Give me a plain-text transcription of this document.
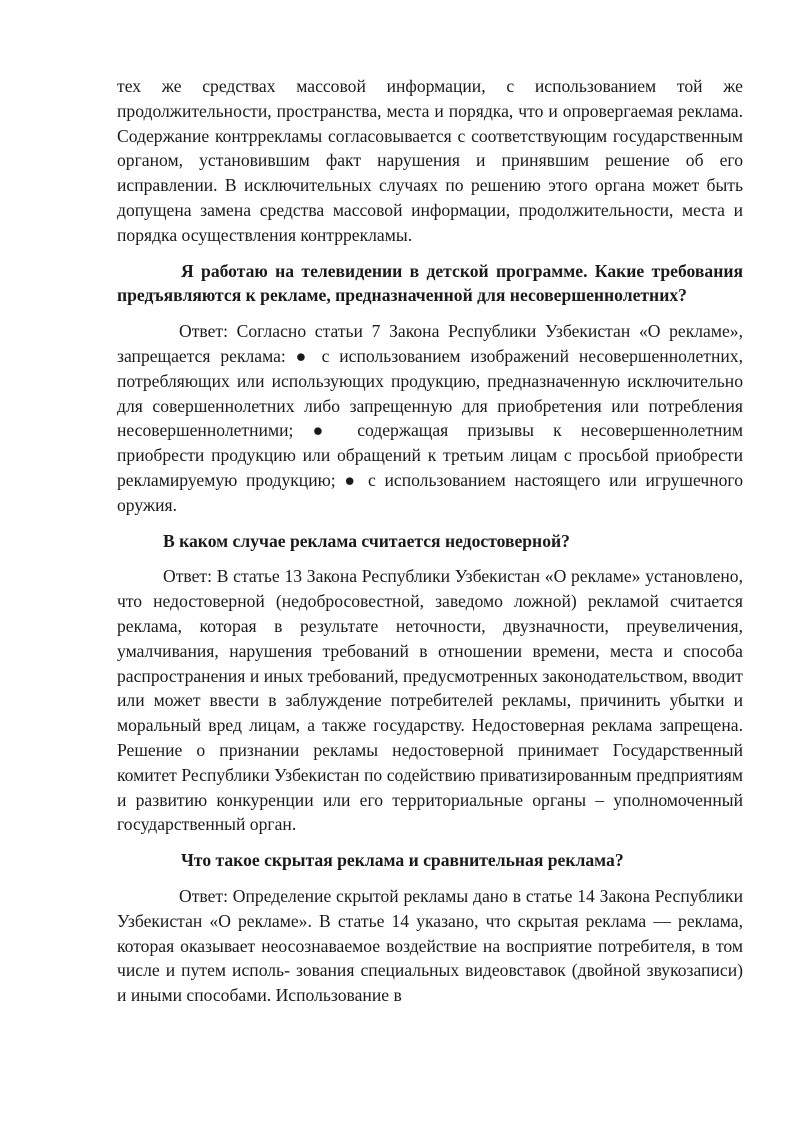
тех же средствах массовой информации, с использованием той же продолжительности, пространства, места и порядка, что и опровергаемая реклама. Содержание контррекламы согласовывается с соответствующим государственным органом, установившим факт нарушения и принявшим решение об его исправлении. В исключительных случаях по решению этого органа может быть допущена замена средства массовой информации, продолжительности, места и порядка осуществления контррекламы.

Я работаю на телевидении в детской программе. Какие требования предъявляются к рекламе, предназначенной для несовершеннолетних?

Ответ: Согласно статьи 7 Закона Республики Узбекистан «О рекламе», запрещается реклама: ● с использованием изображений несовершеннолетних, потребляющих или использующих продукцию, предназначенную исключительно для совершеннолетних либо запрещенную для приобретения или потребления несовершеннолетними; ● содержащая призывы к несовершеннолетним приобрести продукцию или обращений к третьим лицам с просьбой приобрести рекламируемую продукцию; ● с использованием настоящего или игрушечного оружия.

В каком случае реклама считается недостоверной?

Ответ: В статье 13 Закона Республики Узбекистан «О рекламе» установлено, что недостоверной (недобросовестной, заведомо ложной) рекламой считается реклама, которая в результате неточности, двузначности, преувеличения, умалчивания, нарушения требований в отношении времени, места и способа распространения и иных требований, предусмотренных законодательством, вводит или может ввести в заблуждение потребителей рекламы, причинить убытки и моральный вред лицам, а также государству. Недостоверная реклама запрещена. Решение о признании рекламы недостоверной принимает Государственный комитет Республики Узбекистан по содействию приватизированным предприятиям и развитию конкуренции или его территориальные органы – уполномоченный государственный орган.

Что такое скрытая реклама и сравнительная реклама?

Ответ: Определение скрытой рекламы дано в статье 14 Закона Республики Узбекистан «О рекламе». В статье 14 указано, что скрытая реклама — реклама, которая оказывает неосознаваемое воздействие на восприятие потребителя, в том числе и путем исполь- зования специальных видеовставок (двойной звукозаписи) и иными способами. Использование в
